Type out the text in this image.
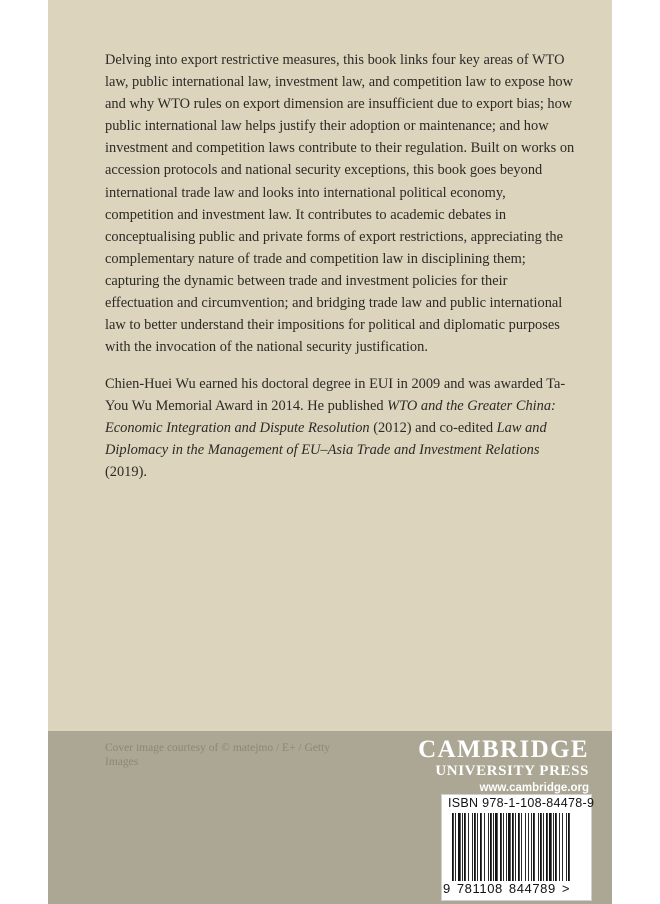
Delving into export restrictive measures, this book links four key areas of WTO law, public international law, investment law, and competition law to expose how and why WTO rules on export dimension are insufficient due to export bias; how public international law helps justify their adoption or maintenance; and how investment and competition laws contribute to their regulation. Built on works on accession protocols and national security exceptions, this book goes beyond international trade law and looks into international political economy, competition and investment law. It contributes to academic debates in conceptualising public and private forms of export restrictions, appreciating the complementary nature of trade and competition law in disciplining them; capturing the dynamic between trade and investment policies for their effectuation and circumvention; and bridging trade law and public international law to better understand their impositions for political and diplomatic purposes with the invocation of the national security justification.

Chien-Huei Wu earned his doctoral degree in EUI in 2009 and was awarded Ta-You Wu Memorial Award in 2014. He published WTO and the Greater China: Economic Integration and Dispute Resolution (2012) and co-edited Law and Diplomacy in the Management of EU–Asia Trade and Investment Relations (2019).

Cover image courtesy of © matejmo / E+ / Getty Images	CAMBRIDGE
UNIVERSITY PRESS
www.cambridge.org
ISBN 978-1-108-84478-9
9 781108 844789 >
